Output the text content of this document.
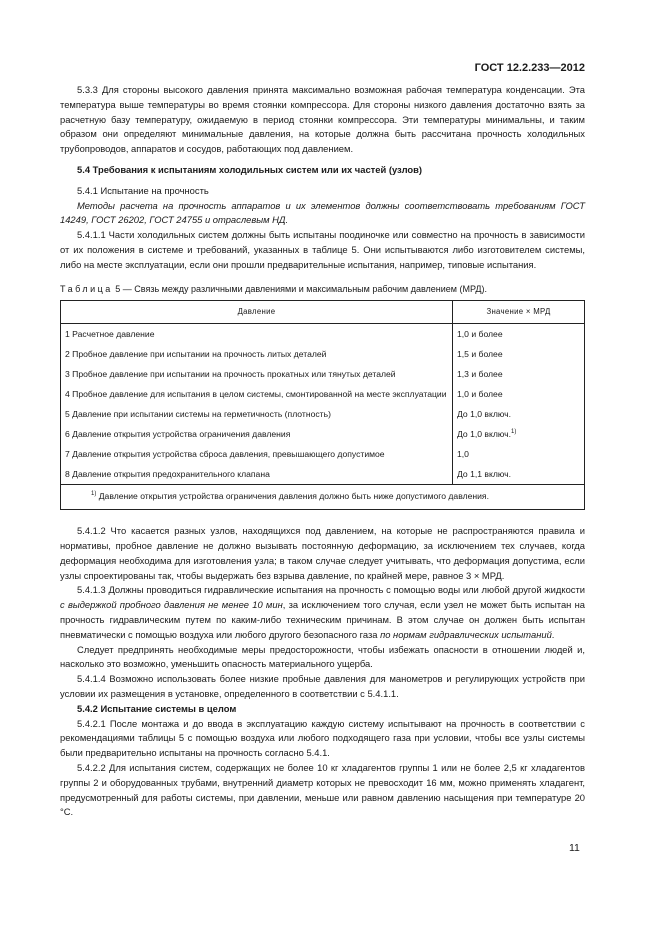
ГОСТ 12.2.233—2012

5.3.3 Для стороны высокого давления принята максимально возможная рабочая температура конденсации. Эта температура выше температуры во время стоянки компрессора. Для стороны низкого давления достаточно взять за расчетную базу температуру, ожидаемую в период стоянки компрессора. Эти температуры минимальны, и таким образом они определяют минимальные давления, на которые должна быть рассчитана прочность холодильных трубопроводов, аппаратов и сосудов, работающих под давлением.

5.4 Требования к испытаниям холодильных систем или их частей (узлов)

5.4.1 Испытание на прочность

Методы расчета на прочность аппаратов и их элементов должны соответствовать требованиям ГОСТ 14249, ГОСТ 26202, ГОСТ 24755 и отраслевым НД.

5.4.1.1 Части холодильных систем должны быть испытаны поодиночке или совместно на прочность в зависимости от их положения в системе и требований, указанных в таблице 5. Они испытываются либо изготовителем системы, либо на месте эксплуатации, если они прошли предварительные испытания, например, типовые испытания.

Таблица 5 — Связь между различными давлениями и максимальным рабочим давлением (МРД).
Давление	Значение × МРД
1 Расчетное давление	1,0 и более
2 Пробное давление при испытании на прочность литых деталей	1,5 и более
3 Пробное давление при испытании на прочность прокатных или тянутых деталей	1,3 и более
4 Пробное давление для испытания в целом системы, смонтированной на месте эксплуатации	1,0 и более
5 Давление при испытании системы на герметичность (плотность)	До 1,0 включ.
6 Давление открытия устройства ограничения давления	До 1,0 включ.$^{1)}$
7 Давление открытия устройства сброса давления, превышающего допустимое	1,0
8 Давление открытия предохранительного клапана	До 1,1 включ.
$^{1)}$ Давление открытия устройства ограничения давления должно быть ниже допустимого давления.	

5.4.1.2 Что касается разных узлов, находящихся под давлением, на которые не распространяются правила и нормативы, пробное давление не должно вызывать постоянную деформацию, за исключением тех случаев, когда деформация необходима для изготовления узла; в таком случае следует учитывать, что деформация допустима, если узлы спроектированы так, чтобы выдержать без взрыва давление, по крайней мере, равное 3 × МРД.

5.4.1.3 Должны проводиться гидравлические испытания на прочность с помощью воды или любой другой жидкости с выдержкой пробного давления не менее 10 мин, за исключением того случая, если узел не может быть испытан на прочность гидравлическим путем по каким-либо техническим причинам. В этом случае он должен быть испытан пневматически с помощью воздуха или любого другого безопасного газа по нормам гидравлических испытаний.

Следует предпринять необходимые меры предосторожности, чтобы избежать опасности в отношении людей и, насколько это возможно, уменьшить опасность материального ущерба.

5.4.1.4 Возможно использовать более низкие пробные давления для манометров и регулирующих устройств при условии их размещения в установке, определенного в соответствии с 5.4.1.1.

5.4.2 Испытание системы в целом

5.4.2.1 После монтажа и до ввода в эксплуатацию каждую систему испытывают на прочность в соответствии с рекомендациями таблицы 5 с помощью воздуха или любого подходящего газа при условии, чтобы все узлы системы были предварительно испытаны на прочность согласно 5.4.1.

5.4.2.2 Для испытания систем, содержащих не более 10 кг хладагентов группы 1 или не более 2,5 кг хладагентов группы 2 и оборудованных трубами, внутренний диаметр которых не превосходит 16 мм, можно применять хладагент, предусмотренный для работы системы, при давлении, меньше или равном давлению насыщения при температуре 20 °С.

11
